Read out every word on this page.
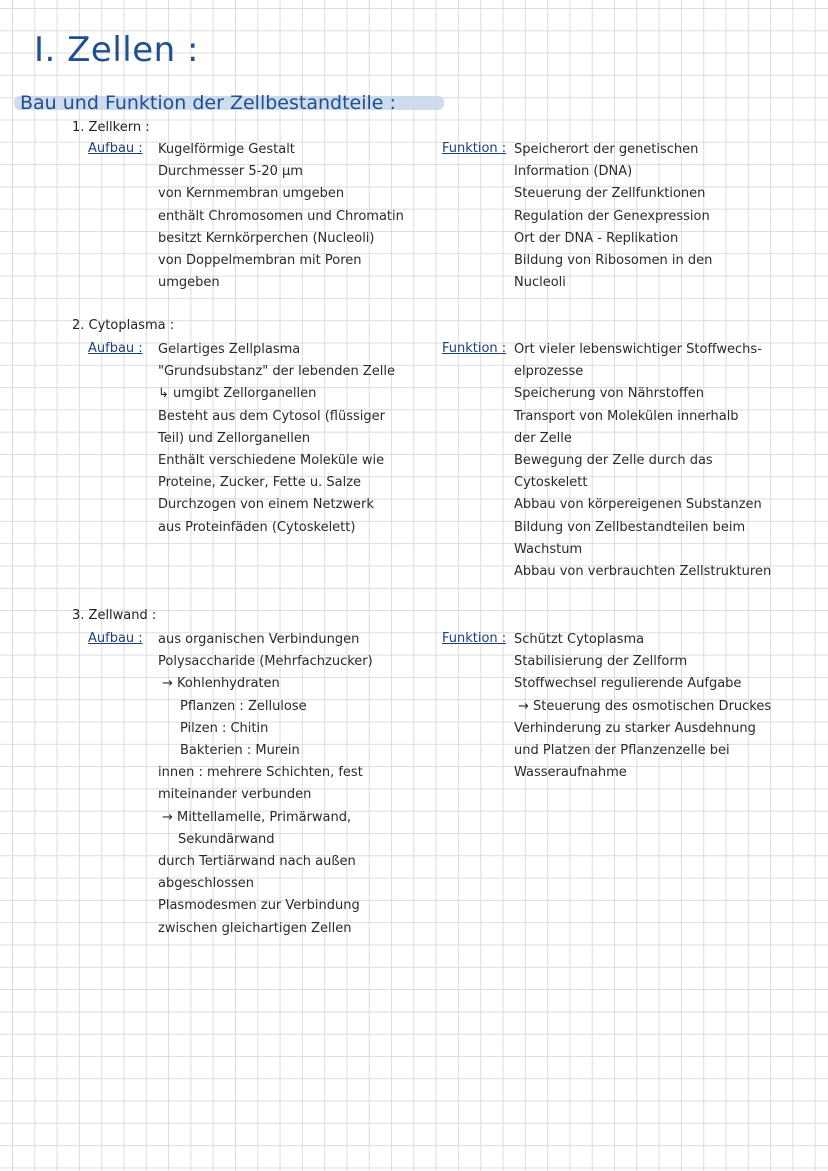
I. Zellen :
Bau und Funktion der Zellbestandteile :
1. Zellkern :
Aufbau : Kugelförmige Gestalt
Durchmesser 5-20 µm
von Kernmembran umgeben
enthält Chromosomen und Chromatin
besitzt Kernkörperchen (Nucleoli)
von Doppelmembran mit Poren
umgeben
Funktion : Speicherort der genetischen
Information (DNA)
Steuerung der Zellfunktionen
Regulation der Genexpression
Ort der DNA - Replikation
Bildung von Ribosomen in den
Nucleoli
2. Cytoplasma :
Aufbau : Gelartiges Zellplasma
"Grundsubstanz" der lebenden Zelle
↳ umgibt Zellorganellen
Besteht aus dem Cytosol (flüssiger
Teil) und Zellorganellen
Enthält verschiedene Moleküle wie
Proteine, Zucker, Fette u. Salze
Durchzogen von einem Netzwerk
aus Proteinfäden (Cytoskelett)
Funktion : Ort vieler lebenswichtiger Stoffwechs-
elprozesse
Speicherung von Nährstoffen
Transport von Molekülen innerhalb
der Zelle
Bewegung der Zelle durch das
Cytoskelett
Abbau von körpereigenen Substanzen
Bildung von Zellbestandteilen beim
Wachstum
Abbau von verbrauchten Zellstrukturen
3. Zellwand :
Aufbau : aus organischen Verbindungen
Polysaccharide (Mehrfachzucker)
→ Kohlenhydraten
Pflanzen : Zellulose
Pilzen : Chitin
Bakterien : Murein
innen : mehrere Schichten, fest
miteinander verbunden
→ Mittellamelle, Primärwand,
Sekundärwand
durch Tertiärwand nach außen
abgeschlossen
Plasmodesmen zur Verbindung
zwischen gleichartigen Zellen
Funktion : Schützt Cytoplasma
Stabilisierung der Zellform
Stoffwechsel regulierende Aufgabe
→ Steuerung des osmotischen Druckes
Verhinderung zu starker Ausdehnung
und Platzen der Pflanzenzelle bei
Wasseraufnahme
